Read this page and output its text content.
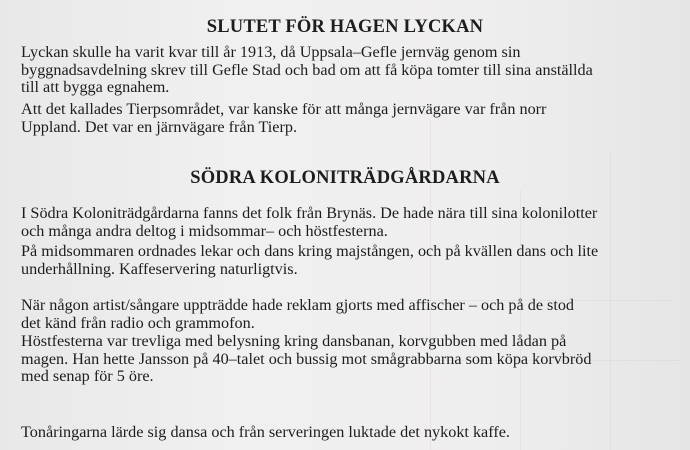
SLUTET FÖR HAGEN LYCKAN

Lyckan skulle ha varit kvar till år 1913, då Uppsala–Gefle jernväg genom sin
byggnadsavdelning skrev till Gefle Stad och bad om att få köpa tomter till sina anställda
till att bygga egnahem.

Att det kallades Tierpsområdet, var kanske för att många jernvägare var från norr
Uppland. Det var en järnvägare från Tierp.

SÖDRA KOLONITRÄDGÅRDARNA

I Södra Koloniträdgårdarna fanns det folk från Brynäs. De hade nära till sina kolonilotter
och många andra deltog i midsommar– och höstfesterna.

På midsommaren ordnades lekar och dans kring majstången, och på kvällen dans och lite
underhållning. Kaffeservering naturligtvis.

När någon artist/sångare uppträdde hade reklam gjorts med affischer – och på de stod
det känd från radio och grammofon.

Höstfesterna var trevliga med belysning kring dansbanan, korvgubben med lådan på
magen. Han hette Jansson på 40–talet och bussig mot smågrabbarna som köpa korvbröd
med senap för 5 öre.

Tonåringarna lärde sig dansa och från serveringen luktade det nykokt kaffe.
